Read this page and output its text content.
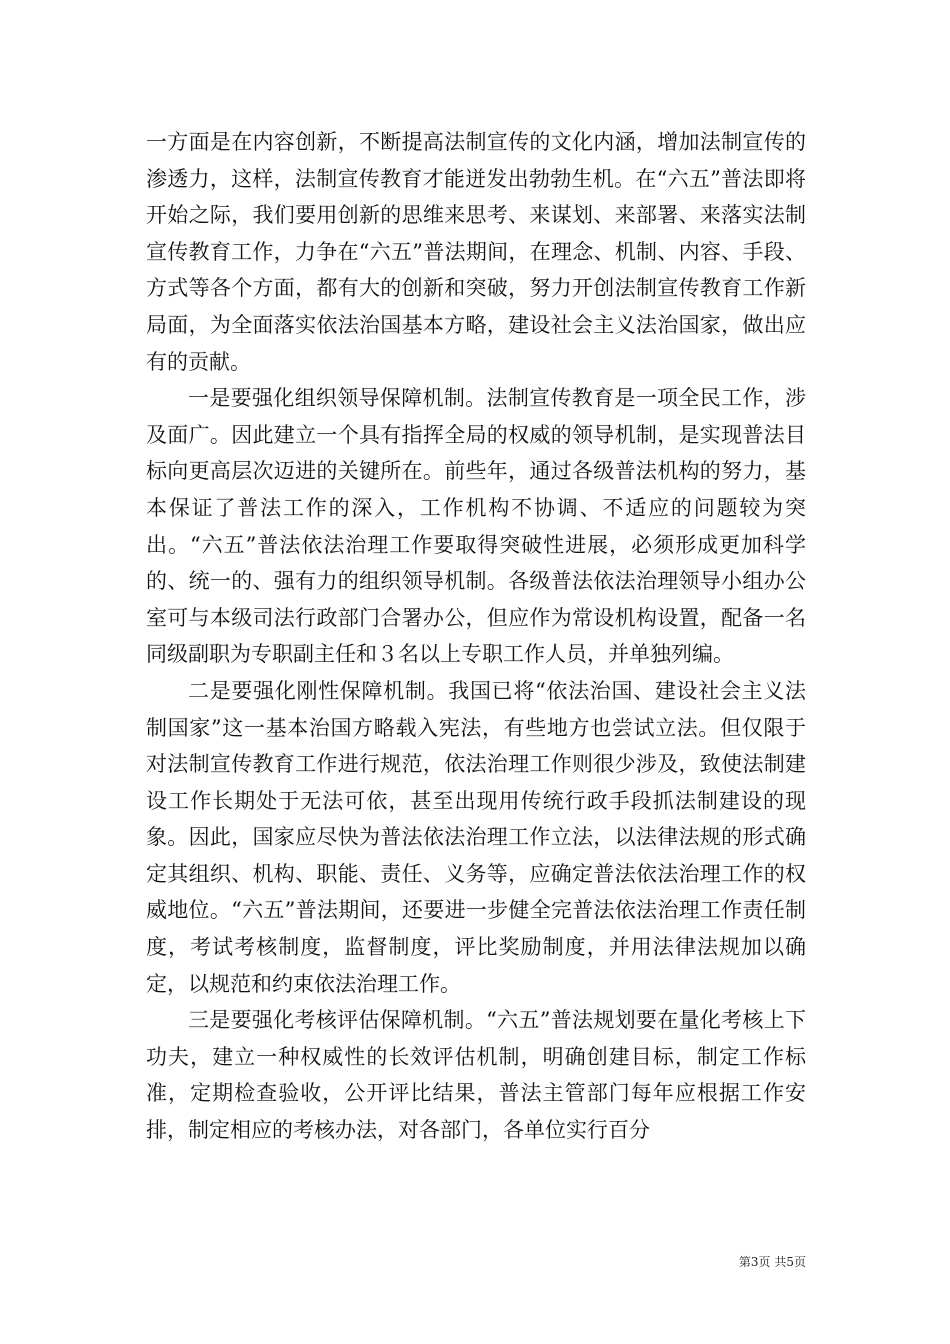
一方面是在内容创新，不断提高法制宣传的文化内涵，增加法制宣传的渗透力，这样，法制宣传教育才能迸发出勃勃生机。在“六五”普法即将开始之际，我们要用创新的思维来思考、来谋划、来部署、来落实法制宣传教育工作，力争在“六五”普法期间，在理念、机制、内容、手段、方式等各个方面，都有大的创新和突破，努力开创法制宣传教育工作新局面，为全面落实依法治国基本方略，建设社会主义法治国家，做出应有的贡献。

一是要强化组织领导保障机制。法制宣传教育是一项全民工作，涉及面广。因此建立一个具有指挥全局的权威的领导机制，是实现普法目标向更高层次迈进的关键所在。前些年，通过各级普法机构的努力，基本保证了普法工作的深入，工作机构不协调、不适应的问题较为突出。“六五”普法依法治理工作要取得突破性进展，必须形成更加科学的、统一的、强有力的组织领导机制。各级普法依法治理领导小组办公室可与本级司法行政部门合署办公，但应作为常设机构设置，配备一名同级副职为专职副主任和３名以上专职工作人员，并单独列编。

二是要强化刚性保障机制。我国已将“依法治国、建设社会主义法制国家”这一基本治国方略载入宪法，有些地方也尝试立法。但仅限于对法制宣传教育工作进行规范，依法治理工作则很少涉及，致使法制建设工作长期处于无法可依，甚至出现用传统行政手段抓法制建设的现象。因此，国家应尽快为普法依法治理工作立法，以法律法规的形式确定其组织、机构、职能、责任、义务等，应确定普法依法治理工作的权威地位。“六五”普法期间，还要进一步健全完普法依法治理工作责任制度，考试考核制度，监督制度，评比奖励制度，并用法律法规加以确定，以规范和约束依法治理工作。

三是要强化考核评估保障机制。“六五”普法规划要在量化考核上下功夫，建立一种权威性的长效评估机制，明确创建目标，制定工作标准，定期检查验收，公开评比结果，普法主管部门每年应根据工作安排，制定相应的考核办法，对各部门，各单位实行百分

第3页 共5页
